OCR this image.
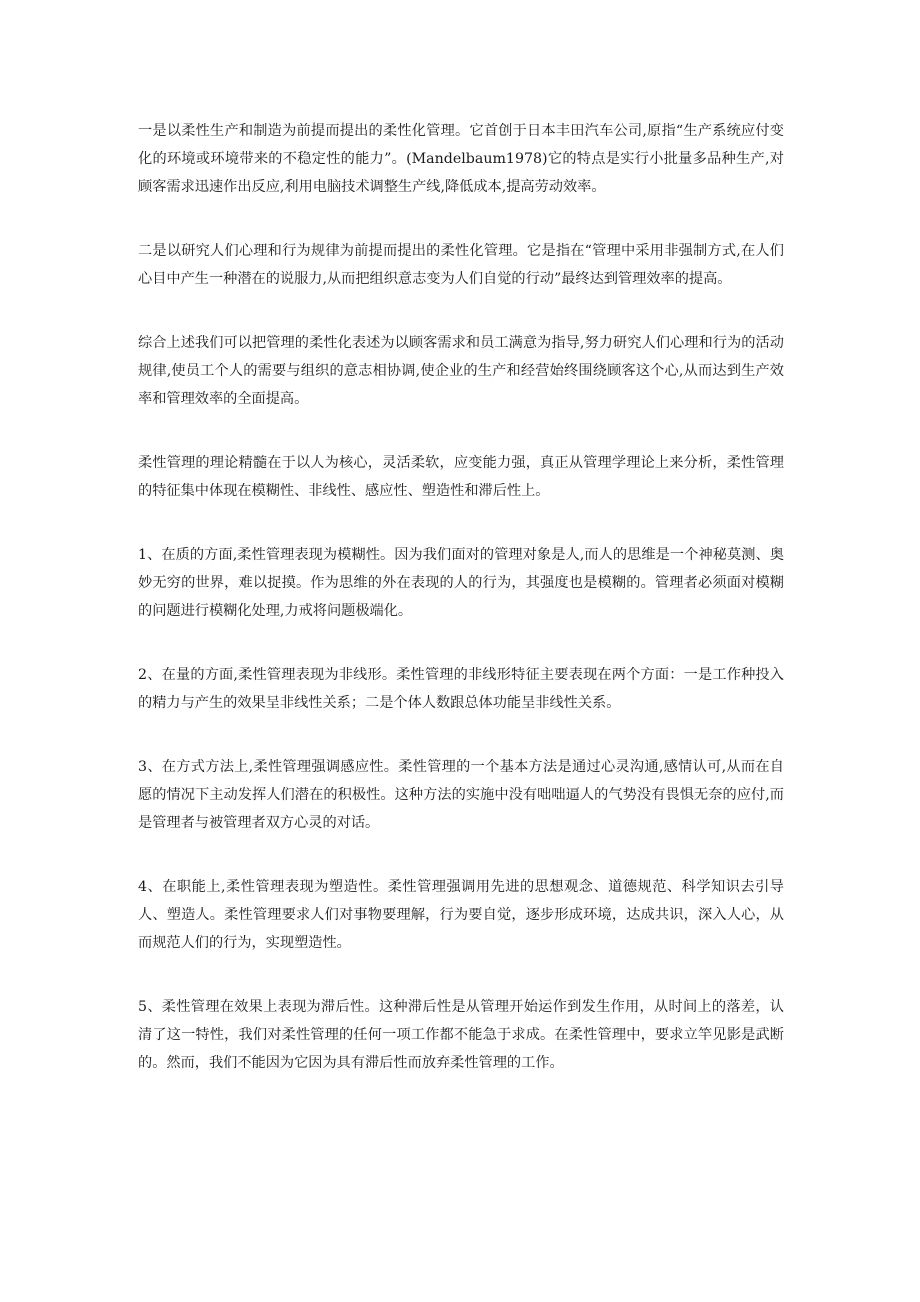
一是以柔性生产和制造为前提而提出的柔性化管理。它首创于日本丰田汽车公司,原指“生产系统应付变化的环境或环境带来的不稳定性的能力”。(Mandelbaum1978)它的特点是实行小批量多品种生产,对顾客需求迅速作出反应,利用电脑技术调整生产线,降低成本,提高劳动效率。

二是以研究人们心理和行为规律为前提而提出的柔性化管理。它是指在“管理中采用非强制方式,在人们心目中产生一种潜在的说服力,从而把组织意志变为人们自觉的行动”最终达到管理效率的提高。

综合上述我们可以把管理的柔性化表述为以顾客需求和员工满意为指导,努力研究人们心理和行为的活动规律,使员工个人的需要与组织的意志相协调,使企业的生产和经营始终围绕顾客这个心,从而达到生产效率和管理效率的全面提高。

柔性管理的理论精髓在于以人为核心，灵活柔软，应变能力强，真正从管理学理论上来分析，柔性管理的特征集中体现在模糊性、非线性、感应性、塑造性和滞后性上。

1、在质的方面,柔性管理表现为模糊性。因为我们面对的管理对象是人,而人的思维是一个神秘莫测、奥妙无穷的世界，难以捉摸。作为思维的外在表现的人的行为，其强度也是模糊的。管理者必须面对模糊的问题进行模糊化处理,力戒将问题极端化。

2、在量的方面,柔性管理表现为非线形。柔性管理的非线形特征主要表现在两个方面：一是工作种投入的精力与产生的效果呈非线性关系；二是个体人数跟总体功能呈非线性关系。

3、在方式方法上,柔性管理强调感应性。柔性管理的一个基本方法是通过心灵沟通,感情认可,从而在自愿的情况下主动发挥人们潜在的积极性。这种方法的实施中没有咄咄逼人的气势没有畏惧无奈的应付,而是管理者与被管理者双方心灵的对话。

4、在职能上,柔性管理表现为塑造性。柔性管理强调用先进的思想观念、道德规范、科学知识去引导人、塑造人。柔性管理要求人们对事物要理解，行为要自觉，逐步形成环境，达成共识，深入人心，从而规范人们的行为，实现塑造性。

5、柔性管理在效果上表现为滞后性。这种滞后性是从管理开始运作到发生作用，从时间上的落差，认清了这一特性，我们对柔性管理的任何一项工作都不能急于求成。在柔性管理中，要求立竿见影是武断的。然而，我们不能因为它因为具有滞后性而放弃柔性管理的工作。
